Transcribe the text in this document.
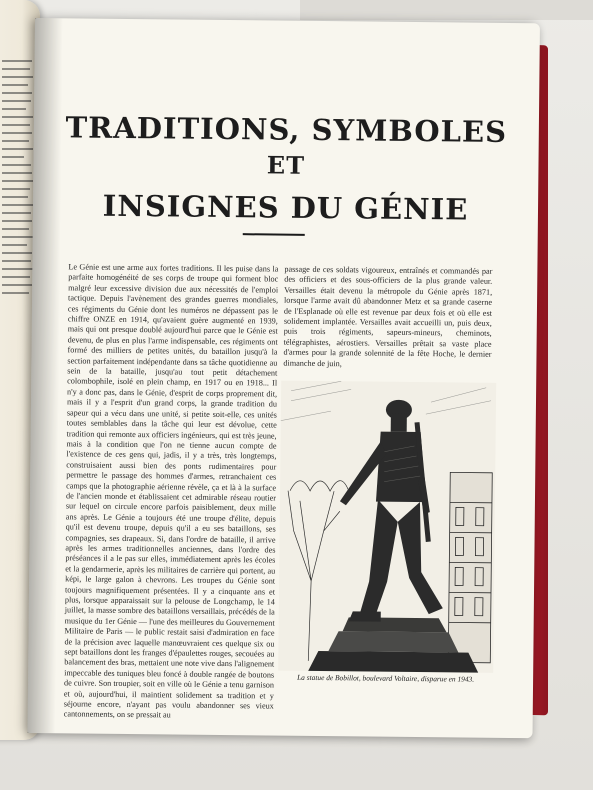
TRADITIONS, SYMBOLES
ET
INSIGNES DU GÉNIE

Le Génie est une arme aux fortes traditions. Il les puise dans la parfaite homogénéité de ses corps de troupe qui forment bloc malgré leur excessive division due aux nécessités de l'emploi tactique. Depuis l'avènement des grandes guerres mondiales, ces régiments du Génie dont les numéros ne dépassent pas le chiffre ONZE en 1914, qu'avaient guère augmenté en 1939, mais qui ont presque doublé aujourd'hui parce que le Génie est devenu, de plus en plus l'arme indispensable, ces régiments ont formé des milliers de petites unités, du bataillon jusqu'à la section parfaitement indépendante dans sa tâche quotidienne au sein de la bataille, jusqu'au tout petit détachement colombophile, isolé en plein champ, en 1917 ou en 1918... Il n'y a donc pas, dans le Génie, d'esprit de corps proprement dit, mais il y a l'esprit d'un grand corps, la grande tradition du sapeur qui a vécu dans une unité, si petite soit-elle, ces unités toutes semblables dans la tâche qui leur est dévolue, cette tradition qui remonte aux officiers ingénieurs, qui est très jeune, mais à la condition que l'on ne tienne aucun compte de l'existence de ces gens qui, jadis, il y a très, très longtemps, construisaient aussi bien des ponts rudimentaires pour permettre le passage des hommes d'armes, retranchaient ces camps que la photographie aérienne révèle, ça et là à la surface de l'ancien monde et établissaient cet admirable réseau routier sur lequel on circule encore parfois paisiblement, deux mille ans après. Le Génie a toujours été une troupe d'élite, depuis qu'il est devenu troupe, depuis qu'il a eu ses bataillons, ses compagnies, ses drapeaux. Si, dans l'ordre de bataille, il arrive après les armes traditionnelles anciennes, dans l'ordre des préséances il a le pas sur elles, immédiatement après les écoles et la gendarmerie, après les militaires de carrière qui portent, au képi, le large galon à chevrons. Les troupes du Génie sont toujours magnifiquement présentées. Il y a cinquante ans et plus, lorsque apparaissait sur la pelouse de Longchamp, le 14 juillet, la masse sombre des bataillons versaillais, précédés de la musique du 1er Génie — l'une des meilleures du Gouvernement Militaire de Paris — le public restait saisi d'admiration en face de la précision avec laquelle manœuvraient ces quelque six ou sept bataillons dont les franges d'épaulettes rouges, secouées au balancement des bras, mettaient une note vive dans l'alignement impeccable des tuniques bleu foncé à double rangée de boutons de cuivre. Son troupier, soit en ville où le Génie a tenu garnison et où, aujourd'hui, il maintient solidement sa tradition et y séjourne encore, n'ayant pas voulu abandonner ses vieux cantonnements, on se pressait au

passage de ces soldats vigoureux, entraînés et commandés par des officiers et des sous-officiers de la plus grande valeur. Versailles était devenu la métropole du Génie après 1871, lorsque l'arme avait dû abandonner Metz et sa grande caserne de l'Esplanade où elle est revenue par deux fois et où elle est solidement implantée. Versailles avait accueilli un, puis deux, puis trois régiments, sapeurs-mineurs, cheminots, télégraphistes, aérostiers. Versailles prêtait sa vaste place d'armes pour la grande solennité de la fête Hoche, le dernier dimanche de juin,

La statue de Bobillot, boulevard Voltaire, disparue en 1943.
